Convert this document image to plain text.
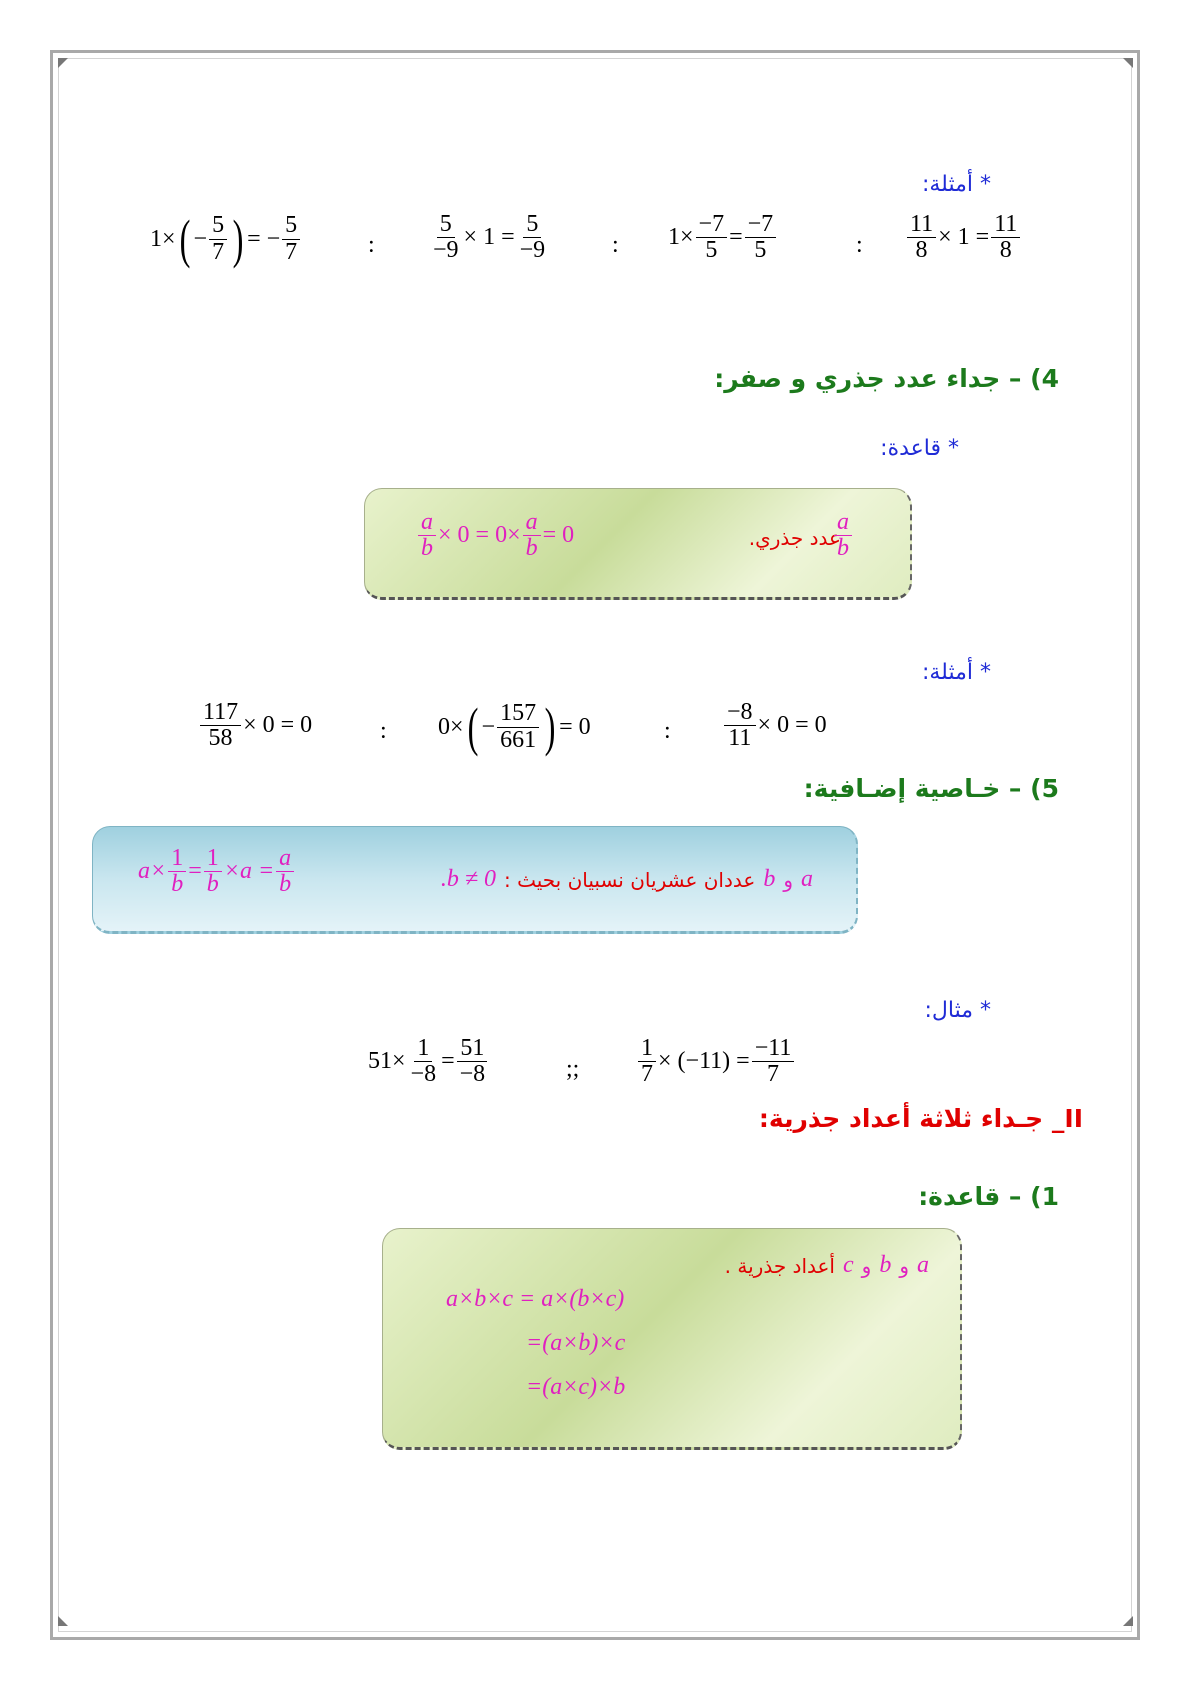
* أمثلة:
1× ( − $\frac{5}{7}$ ) = − $\frac{5}{7}$	: $\frac{5}{-9} \times 1 = \frac{5}{-9}$	: $1\times \frac{-7}{5} = \frac{-7}{5}$	: $\frac{11}{8} \times 1 = \frac{11}{8}$
4) – جداء عدد جذري و صفر:
* قاعدة:
$\frac{a}{b} \times 0 = 0\times \frac{a}{b} = 0$	عدد جذري.
$\frac{a}{b}$
* أمثلة:
$\frac{117}{58} \times 0 = 0$	: 0× ( − $\frac{157}{661}$ ) = 0	: $\frac{-8}{11} \times 0 = 0$
5) – خـاصية إضـافية:
$a\times \frac{1}{b} = \frac{1}{b} \times a = \frac{a}{b}$	a
و
b
عددان عشريان نسبيان بحيث :
.b ≠ 0
* مثال:
$51\times \frac{1}{-8} = \frac{51}{-8}$	;; $\frac{1}{7} \times (-11) = \frac{-11}{7}$
II_ جـداء ثلاثة أعداد جذرية:
1) – قاعدة:
a
و
b
و
c
أعداد جذرية .
a×b×c = a×(b×c)
=(a×b)×c
=(a×c)×b
